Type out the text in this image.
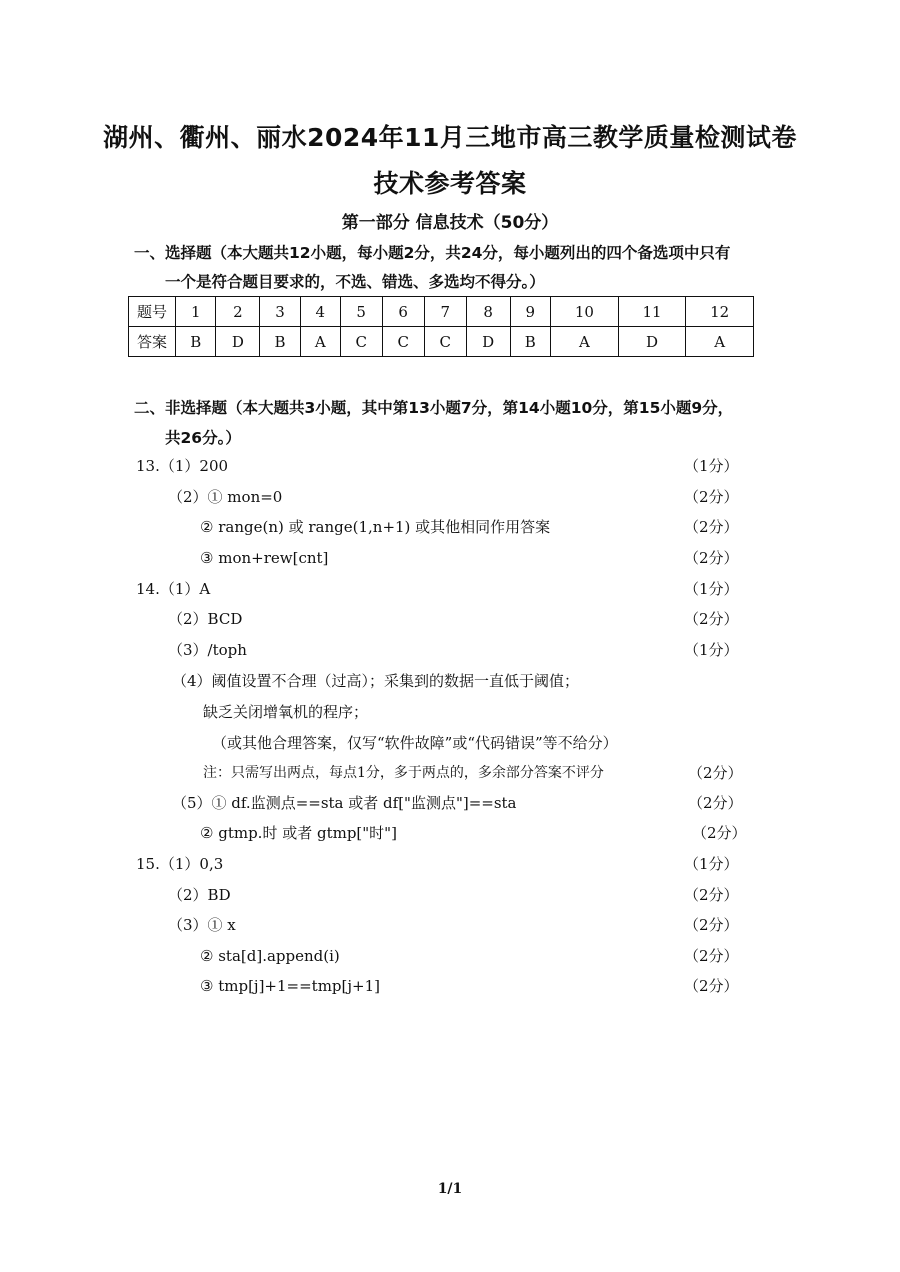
湖州、衢州、丽水2024年11月三地市高三教学质量检测试卷
技术参考答案
第一部分 信息技术（50分）
一、选择题（本大题共12小题，每小题2分，共24分，每小题列出的四个备选项中只有
一个是符合题目要求的，不选、错选、多选均不得分。）
题号	1	2	3	4	5	6	7	8	9	10	11	12
答案	B	D	B	A	C	C	C	D	B	A	D	A
二、非选择题（本大题共3小题，其中第13小题7分，第14小题10分，第15小题9分，
共26分。）
13.（1）200	（1分）
（2）① mon=0	（2分）
② range(n) 或 range(1,n+1) 或其他相同作用答案	（2分）
③ mon+rew[cnt]	（2分）
14.（1）A	（1分）
（2）BCD	（2分）
（3）/toph	（1分）
（4）阈值设置不合理（过高）；采集到的数据一直低于阈值；
缺乏关闭增氧机的程序；
（或其他合理答案，仅写“软件故障”或“代码错误”等不给分）
注：只需写出两点，每点1分，多于两点的，多余部分答案不评分	（2分）
（5）① df.监测点==sta 或者 df["监测点"]==sta	（2分）
② gtmp.时 或者 gtmp["时"]	（2分）
15.（1）0,3	（1分）
（2）BD	（2分）
（3）① x	（2分）
② sta[d].append(i)	（2分）
③ tmp[j]+1==tmp[j+1]	（2分）
1/1
